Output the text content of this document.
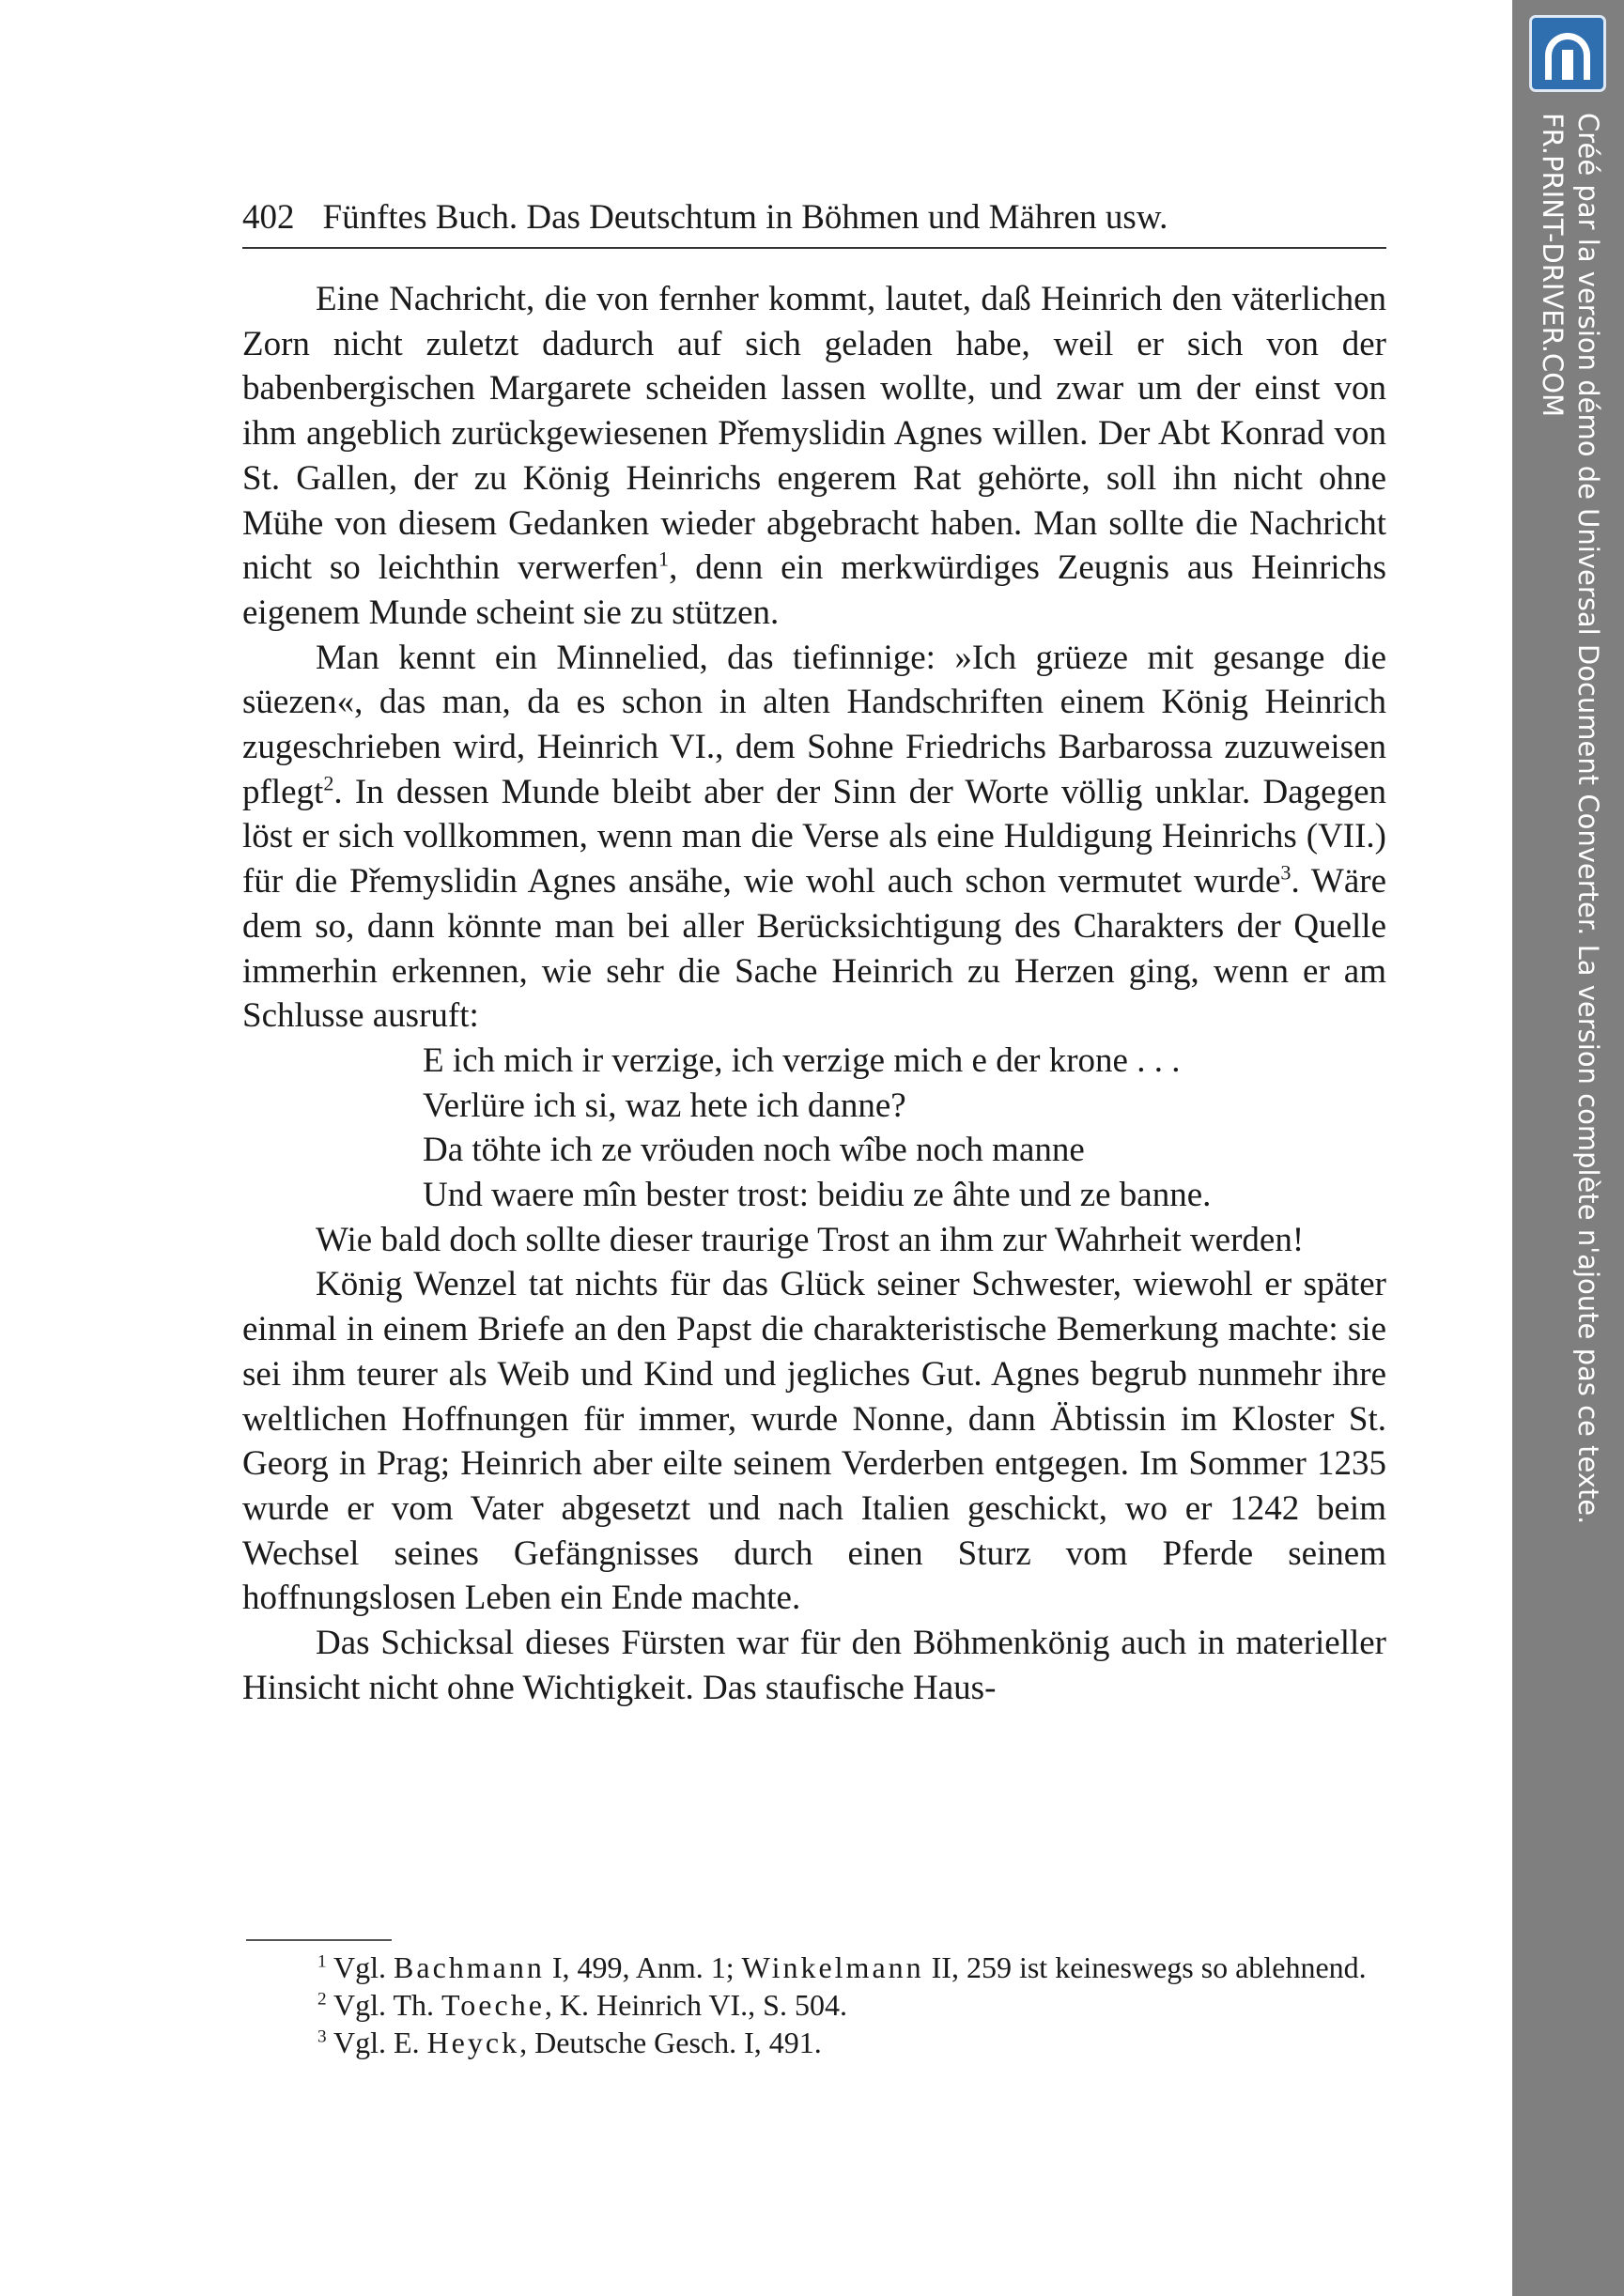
402 Fünftes Buch. Das Deutschtum in Böhmen und Mähren usw.

Eine Nachricht, die von fernher kommt, lautet, daß Heinrich den väterlichen Zorn nicht zuletzt dadurch auf sich geladen habe, weil er sich von der babenbergischen Margarete scheiden lassen wollte, und zwar um der einst von ihm angeblich zurückgewiesenen Přemyslidin Agnes willen. Der Abt Konrad von St. Gallen, der zu König Heinrichs engerem Rat gehörte, soll ihn nicht ohne Mühe von diesem Gedanken wieder abgebracht haben. Man sollte die Nachricht nicht so leichthin verwerfen$^1$, denn ein merkwürdiges Zeugnis aus Heinrichs eigenem Munde scheint sie zu stützen.

Man kennt ein Minnelied, das tiefinnige: »Ich grüeze mit gesange die süezen«, das man, da es schon in alten Handschriften einem König Heinrich zugeschrieben wird, Heinrich VI., dem Sohne Friedrichs Barbarossa zuzuweisen pflegt$^2$. In dessen Munde bleibt aber der Sinn der Worte völlig unklar. Dagegen löst er sich vollkommen, wenn man die Verse als eine Huldigung Heinrichs (VII.) für die Přemyslidin Agnes ansähe, wie wohl auch schon vermutet wurde$^3$. Wäre dem so, dann könnte man bei aller Berücksichtigung des Charakters der Quelle immerhin erkennen, wie sehr die Sache Heinrich zu Herzen ging, wenn er am Schlusse ausruft:

E ich mich ir verzige, ich verzige mich e der krone . . .
Verlüre ich si, waz hete ich danne?
Da töhte ich ze vröuden noch wîbe noch manne
Und waere mîn bester trost: beidiu ze âhte und ze banne.

Wie bald doch sollte dieser traurige Trost an ihm zur Wahrheit werden!

König Wenzel tat nichts für das Glück seiner Schwester, wiewohl er später einmal in einem Briefe an den Papst die charakteristische Bemerkung machte: sie sei ihm teurer als Weib und Kind und jegliches Gut. Agnes begrub nunmehr ihre weltlichen Hoffnungen für immer, wurde Nonne, dann Äbtissin im Kloster St. Georg in Prag; Heinrich aber eilte seinem Verderben entgegen. Im Sommer 1235 wurde er vom Vater abgesetzt und nach Italien geschickt, wo er 1242 beim Wechsel seines Gefängnisses durch einen Sturz vom Pferde seinem hoffnungslosen Leben ein Ende machte.

Das Schicksal dieses Fürsten war für den Böhmenkönig auch in materieller Hinsicht nicht ohne Wichtigkeit. Das staufische Haus-

$^1$ Vgl. Bachmann I, 499, Anm. 1; Winkelmann II, 259 ist keineswegs so ablehnend.

$^2$ Vgl. Th. Toeche, K. Heinrich VI., S. 504.

$^3$ Vgl. E. Heyck, Deutsche Gesch. I, 491.

Créé par la version démo de Universal Document Converter. La version complète n'ajoute pas ce texte.
FR.PRINT-DRIVER.COM
